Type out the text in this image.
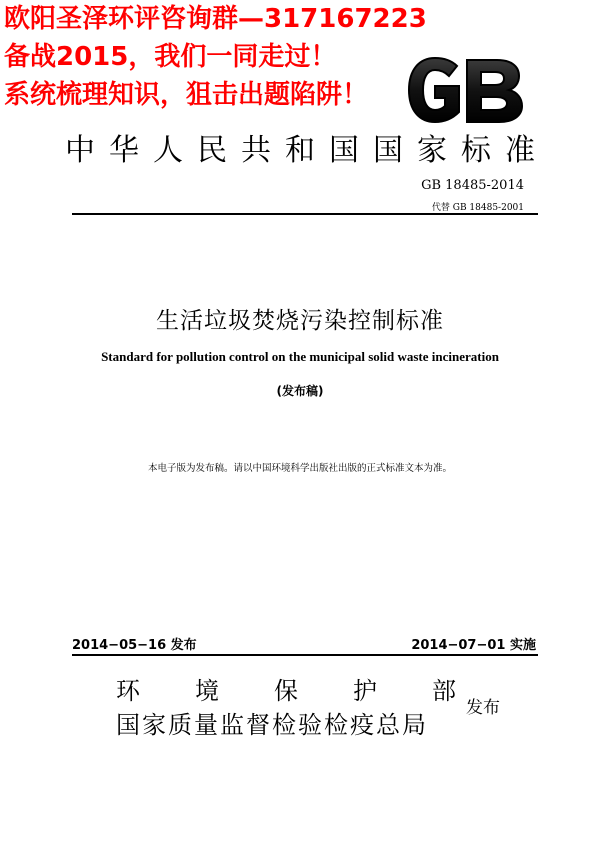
欧阳圣泽环评咨询群—317167223
备战2015，我们一同走过！
系统梳理知识，狙击出题陷阱！
中华人民共和国国家标准
GB 18485-2014
代替 GB 18485-2001
生活垃圾焚烧污染控制标准
Standard for pollution control on the municipal solid waste incineration
(发布稿)
本电子版为发布稿。请以中国环境科学出版社出版的正式标准文本为准。
2014−05−16 发布	2014−07−01 实施
环 境 保 护 部
国家质量监督检验检疫总局
发布
